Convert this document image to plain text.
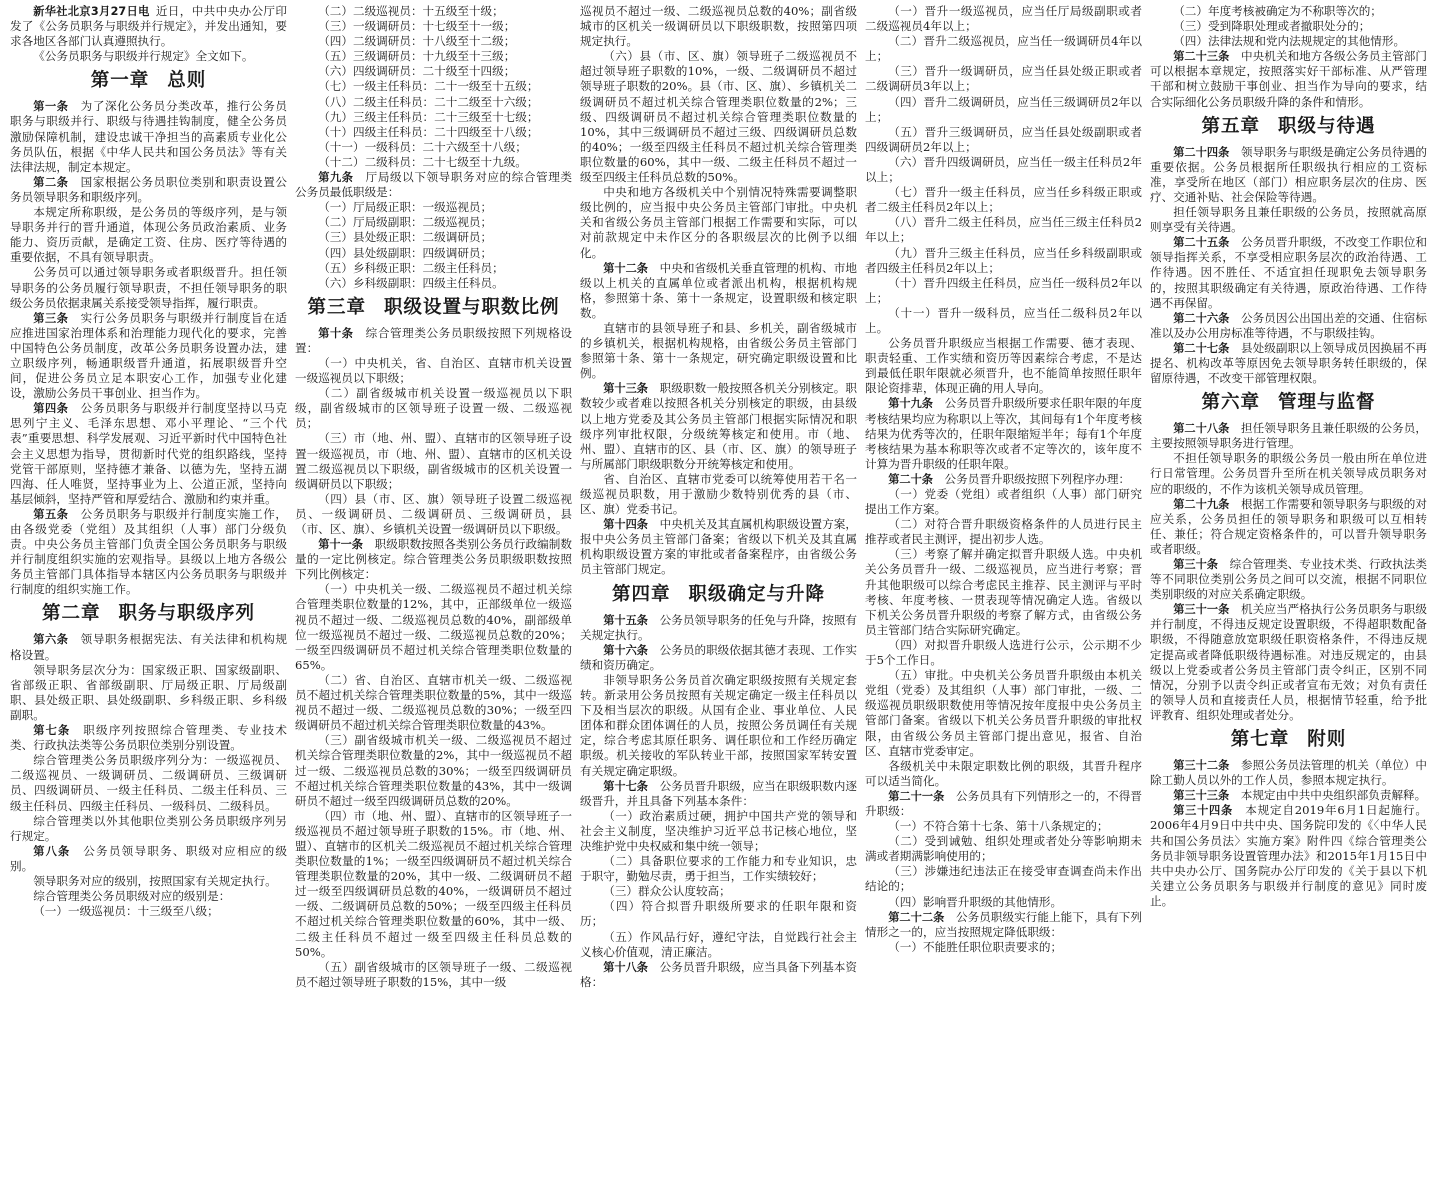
新华社北京3月27日电  近日，中共中央办公厅印发了《公务员职务与职级并行规定》，并发出通知，要求各地区各部门认真遵照执行。

《公务员职务与职级并行规定》全文如下。

第一章 总则

第一条  为了深化公务员分类改革，推行公务员职务与职级并行、职级与待遇挂钩制度，健全公务员激励保障机制，建设忠诚干净担当的高素质专业化公务员队伍，根据《中华人民共和国公务员法》等有关法律法规，制定本规定。

第二条  国家根据公务员职位类别和职责设置公务员领导职务和职级序列。

本规定所称职级，是公务员的等级序列，是与领导职务并行的晋升通道，体现公务员政治素质、业务能力、资历贡献，是确定工资、住房、医疗等待遇的重要依据，不具有领导职责。

公务员可以通过领导职务或者职级晋升。担任领导职务的公务员履行领导职责，不担任领导职务的职级公务员依据隶属关系接受领导指挥，履行职责。

第三条  实行公务员职务与职级并行制度旨在适应推进国家治理体系和治理能力现代化的要求，完善中国特色公务员制度，改革公务员职务设置办法，建立职级序列，畅通职级晋升通道，拓展职级晋升空间，促进公务员立足本职安心工作，加强专业化建设，激励公务员干事创业、担当作为。

第四条  公务员职务与职级并行制度坚持以马克思列宁主义、毛泽东思想、邓小平理论、“三个代表”重要思想、科学发展观、习近平新时代中国特色社会主义思想为指导，贯彻新时代党的组织路线，坚持党管干部原则，坚持德才兼备、以德为先，坚持五湖四海、任人唯贤，坚持事业为上、公道正派，坚持向基层倾斜，坚持严管和厚爱结合、激励和约束并重。

第五条  公务员职务与职级并行制度实施工作，由各级党委（党组）及其组织（人事）部门分级负责。中央公务员主管部门负责全国公务员职务与职级并行制度组织实施的宏观指导。县级以上地方各级公务员主管部门具体指导本辖区内公务员职务与职级并行制度的组织实施工作。

第二章 职务与职级序列

第六条  领导职务根据宪法、有关法律和机构规格设置。

领导职务层次分为：国家级正职、国家级副职、省部级正职、省部级副职、厅局级正职、厅局级副职、县处级正职、县处级副职、乡科级正职、乡科级副职。

第七条  职级序列按照综合管理类、专业技术类、行政执法类等公务员职位类别分别设置。

综合管理类公务员职级序列分为：一级巡视员、二级巡视员、一级调研员、二级调研员、三级调研员、四级调研员、一级主任科员、二级主任科员、三级主任科员、四级主任科员、一级科员、二级科员。

综合管理类以外其他职位类别公务员职级序列另行规定。

第八条  公务员领导职务、职级对应相应的级别。

领导职务对应的级别，按照国家有关规定执行。

综合管理类公务员职级对应的级别是：

（一）一级巡视员：十三级至八级；

（二）二级巡视员：十五级至十级；

（三）一级调研员：十七级至十一级；

（四）二级调研员：十八级至十二级；

（五）三级调研员：十九级至十三级；

（六）四级调研员：二十级至十四级；

（七）一级主任科员：二十一级至十五级；

（八）二级主任科员：二十二级至十六级；

（九）三级主任科员：二十三级至十七级；

（十）四级主任科员：二十四级至十八级；

（十一）一级科员：二十六级至十八级；

（十二）二级科员：二十七级至十九级。

第九条  厅局级以下领导职务对应的综合管理类公务员最低职级是：

（一）厅局级正职：一级巡视员；

（二）厅局级副职：二级巡视员；

（三）县处级正职：二级调研员；

（四）县处级副职：四级调研员；

（五）乡科级正职：二级主任科员；

（六）乡科级副职：四级主任科员。

第三章 职级设置与职数比例

第十条  综合管理类公务员职级按照下列规格设置：

（一）中央机关，省、自治区、直辖市机关设置一级巡视员以下职级；

（二）副省级城市机关设置一级巡视员以下职级，副省级城市的区领导班子设置一级、二级巡视员；

（三）市（地、州、盟）、直辖市的区领导班子设置一级巡视员，市（地、州、盟）、直辖市的区机关设置二级巡视员以下职级，副省级城市的区机关设置一级调研员以下职级；

（四）县（市、区、旗）领导班子设置二级巡视员、一级调研员、二级调研员、三级调研员，县（市、区、旗）、乡镇机关设置一级调研员以下职级。

第十一条  职级职数按照各类别公务员行政编制数量的一定比例核定。综合管理类公务员职级职数按照下列比例核定：

（一）中央机关一级、二级巡视员不超过机关综合管理类职位数量的12%，其中，正部级单位一级巡视员不超过一级、二级巡视员总数的40%，副部级单位一级巡视员不超过一级、二级巡视员总数的20%；一级至四级调研员不超过机关综合管理类职位数量的65%。

（二）省、自治区、直辖市机关一级、二级巡视员不超过机关综合管理类职位数量的5%，其中一级巡视员不超过一级、二级巡视员总数的30%；一级至四级调研员不超过机关综合管理类职位数量的43%。

（三）副省级城市机关一级、二级巡视员不超过机关综合管理类职位数量的2%，其中一级巡视员不超过一级、二级巡视员总数的30%；一级至四级调研员不超过机关综合管理类职位数量的43%，其中一级调研员不超过一级至四级调研员总数的20%。

（四）市（地、州、盟）、直辖市的区领导班子一级巡视员不超过领导班子职数的15%。市（地、州、盟）、直辖市的区机关二级巡视员不超过机关综合管理类职位数量的1%；一级至四级调研员不超过机关综合管理类职位数量的20%，其中一级、二级调研员不超过一级至四级调研员总数的40%，一级调研员不超过一级、二级调研员总数的50%；一级至四级主任科员不超过机关综合管理类职位数量的60%，其中一级、二级主任科员不超过一级至四级主任科员总数的50%。

（五）副省级城市的区领导班子一级、二级巡视员不超过领导班子职数的15%，其中一级

巡视员不超过一级、二级巡视员总数的40%；副省级城市的区机关一级调研员以下职级职数，按照第四项规定执行。

（六）县（市、区、旗）领导班子二级巡视员不超过领导班子职数的10%，一级、二级调研员不超过领导班子职数的20%。县（市、区、旗）、乡镇机关二级调研员不超过机关综合管理类职位数量的2%；三级、四级调研员不超过机关综合管理类职位数量的10%，其中三级调研员不超过三级、四级调研员总数的40%；一级至四级主任科员不超过机关综合管理类职位数量的60%，其中一级、二级主任科员不超过一级至四级主任科员总数的50%。

中央和地方各级机关中个别情况特殊需要调整职级比例的，应当报中央公务员主管部门审批。中央机关和省级公务员主管部门根据工作需要和实际，可以对前款规定中未作区分的各职级层次的比例予以细化。

第十二条  中央和省级机关垂直管理的机构、市地级以上机关的直属单位或者派出机构，根据机构规格，参照第十条、第十一条规定，设置职级和核定职数。

直辖市的县领导班子和县、乡机关，副省级城市的乡镇机关，根据机构规格，由省级公务员主管部门参照第十条、第十一条规定，研究确定职级设置和比例。

第十三条  职级职数一般按照各机关分别核定。职数较少或者难以按照各机关分别核定的职级，由县级以上地方党委及其公务员主管部门根据实际情况和职级序列审批权限，分级统筹核定和使用。市（地、州、盟）、直辖市的区、县（市、区、旗）的领导班子与所属部门职级职数分开统筹核定和使用。

省、自治区、直辖市党委可以统筹使用若干名一级巡视员职数，用于激励少数特别优秀的县（市、区、旗）党委书记。

第十四条  中央机关及其直属机构职级设置方案，报中央公务员主管部门备案；省级以下机关及其直属机构职级设置方案的审批或者备案程序，由省级公务员主管部门规定。

第四章 职级确定与升降

第十五条  公务员领导职务的任免与升降，按照有关规定执行。

第十六条  公务员的职级依据其德才表现、工作实绩和资历确定。

非领导职务公务员首次确定职级按照有关规定套转。新录用公务员按照有关规定确定一级主任科员以下及相当层次的职级。从国有企业、事业单位、人民团体和群众团体调任的人员，按照公务员调任有关规定，综合考虑其原任职务、调任职位和工作经历确定职级。机关接收的军队转业干部，按照国家军转安置有关规定确定职级。

第十七条  公务员晋升职级，应当在职级职数内逐级晋升，并且具备下列基本条件：

（一）政治素质过硬，拥护中国共产党的领导和社会主义制度，坚决维护习近平总书记核心地位，坚决维护党中央权威和集中统一领导；

（二）具备职位要求的工作能力和专业知识，忠于职守，勤勉尽责，勇于担当，工作实绩较好；

（三）群众公认度较高；

（四）符合拟晋升职级所要求的任职年限和资历；

（五）作风品行好，遵纪守法，自觉践行社会主义核心价值观，清正廉洁。

第十八条  公务员晋升职级，应当具备下列基本资格：

（一）晋升一级巡视员，应当任厅局级副职或者二级巡视员4年以上；

（二）晋升二级巡视员，应当任一级调研员4年以上；

（三）晋升一级调研员，应当任县处级正职或者二级调研员3年以上；

（四）晋升二级调研员，应当任三级调研员2年以上；

（五）晋升三级调研员，应当任县处级副职或者四级调研员2年以上；

（六）晋升四级调研员，应当任一级主任科员2年以上；

（七）晋升一级主任科员，应当任乡科级正职或者二级主任科员2年以上；

（八）晋升二级主任科员，应当任三级主任科员2年以上；

（九）晋升三级主任科员，应当任乡科级副职或者四级主任科员2年以上；

（十）晋升四级主任科员，应当任一级科员2年以上；

（十一）晋升一级科员，应当任二级科员2年以上。

公务员晋升职级应当根据工作需要、德才表现、职责轻重、工作实绩和资历等因素综合考虑，不是达到最低任职年限就必须晋升，也不能简单按照任职年限论资排辈，体现正确的用人导向。

第十九条  公务员晋升职级所要求任职年限的年度考核结果均应为称职以上等次，其间每有1个年度考核结果为优秀等次的，任职年限缩短半年；每有1个年度考核结果为基本称职等次或者不定等次的，该年度不计算为晋升职级的任职年限。

第二十条  公务员晋升职级按照下列程序办理：

（一）党委（党组）或者组织（人事）部门研究提出工作方案。

（二）对符合晋升职级资格条件的人员进行民主推荐或者民主测评，提出初步人选。

（三）考察了解并确定拟晋升职级人选。中央机关公务员晋升一级、二级巡视员，应当进行考察；晋升其他职级可以综合考虑民主推荐、民主测评与平时考核、年度考核、一贯表现等情况确定人选。省级以下机关公务员晋升职级的考察了解方式，由省级公务员主管部门结合实际研究确定。

（四）对拟晋升职级人选进行公示，公示期不少于5个工作日。

（五）审批。中央机关公务员晋升职级由本机关党组（党委）及其组织（人事）部门审批，一级、二级巡视员职级职数使用等情况按年度报中央公务员主管部门备案。省级以下机关公务员晋升职级的审批权限，由省级公务员主管部门提出意见，报省、自治区、直辖市党委审定。

各级机关中未限定职数比例的职级，其晋升程序可以适当简化。

第二十一条  公务员具有下列情形之一的，不得晋升职级：

（一）不符合第十七条、第十八条规定的；

（二）受到诫勉、组织处理或者处分等影响期未满或者期满影响使用的；

（三）涉嫌违纪违法正在接受审查调查尚未作出结论的；

（四）影响晋升职级的其他情形。

第二十二条  公务员职级实行能上能下，具有下列情形之一的，应当按照规定降低职级：

（一）不能胜任职位职责要求的；

（二）年度考核被确定为不称职等次的；

（三）受到降职处理或者撤职处分的；

（四）法律法规和党内法规规定的其他情形。

第二十三条  中央机关和地方各级公务员主管部门可以根据本章规定，按照落实好干部标准、从严管理干部和树立鼓励干事创业、担当作为导向的要求，结合实际细化公务员职级升降的条件和情形。

第五章 职级与待遇

第二十四条  领导职务与职级是确定公务员待遇的重要依据。公务员根据所任职级执行相应的工资标准，享受所在地区（部门）相应职务层次的住房、医疗、交通补贴、社会保险等待遇。

担任领导职务且兼任职级的公务员，按照就高原则享受有关待遇。

第二十五条  公务员晋升职级，不改变工作职位和领导指挥关系，不享受相应职务层次的政治待遇、工作待遇。因不胜任、不适宜担任现职免去领导职务的，按照其职级确定有关待遇，原政治待遇、工作待遇不再保留。

第二十六条  公务员因公出国出差的交通、住宿标准以及办公用房标准等待遇，不与职级挂钩。

第二十七条  县处级副职以上领导成员因换届不再提名、机构改革等原因免去领导职务转任职级的，保留原待遇，不改变干部管理权限。

第六章 管理与监督

第二十八条  担任领导职务且兼任职级的公务员，主要按照领导职务进行管理。

不担任领导职务的职级公务员一般由所在单位进行日常管理。公务员晋升至所在机关领导成员职务对应的职级的，不作为该机关领导成员管理。

第二十九条  根据工作需要和领导职务与职级的对应关系，公务员担任的领导职务和职级可以互相转任、兼任；符合规定资格条件的，可以晋升领导职务或者职级。

第三十条  综合管理类、专业技术类、行政执法类等不同职位类别公务员之间可以交流，根据不同职位类别职级的对应关系确定职级。

第三十一条  机关应当严格执行公务员职务与职级并行制度，不得违反规定设置职级，不得超职数配备职级，不得随意放宽职级任职资格条件，不得违反规定提高或者降低职级待遇标准。对违反规定的，由县级以上党委或者公务员主管部门责令纠正，区别不同情况，分别予以责令纠正或者宣布无效；对负有责任的领导人员和直接责任人员，根据情节轻重，给予批评教育、组织处理或者处分。

第七章 附则

第三十二条  参照公务员法管理的机关（单位）中除工勤人员以外的工作人员，参照本规定执行。

第三十三条  本规定由中共中央组织部负责解释。

第三十四条  本规定自2019年6月1日起施行。2006年4月9日中共中央、国务院印发的《〈中华人民共和国公务员法〉实施方案》附件四《综合管理类公务员非领导职务设置管理办法》和2015年1月15日中共中央办公厅、国务院办公厅印发的《关于县以下机关建立公务员职务与职级并行制度的意见》同时废止。
